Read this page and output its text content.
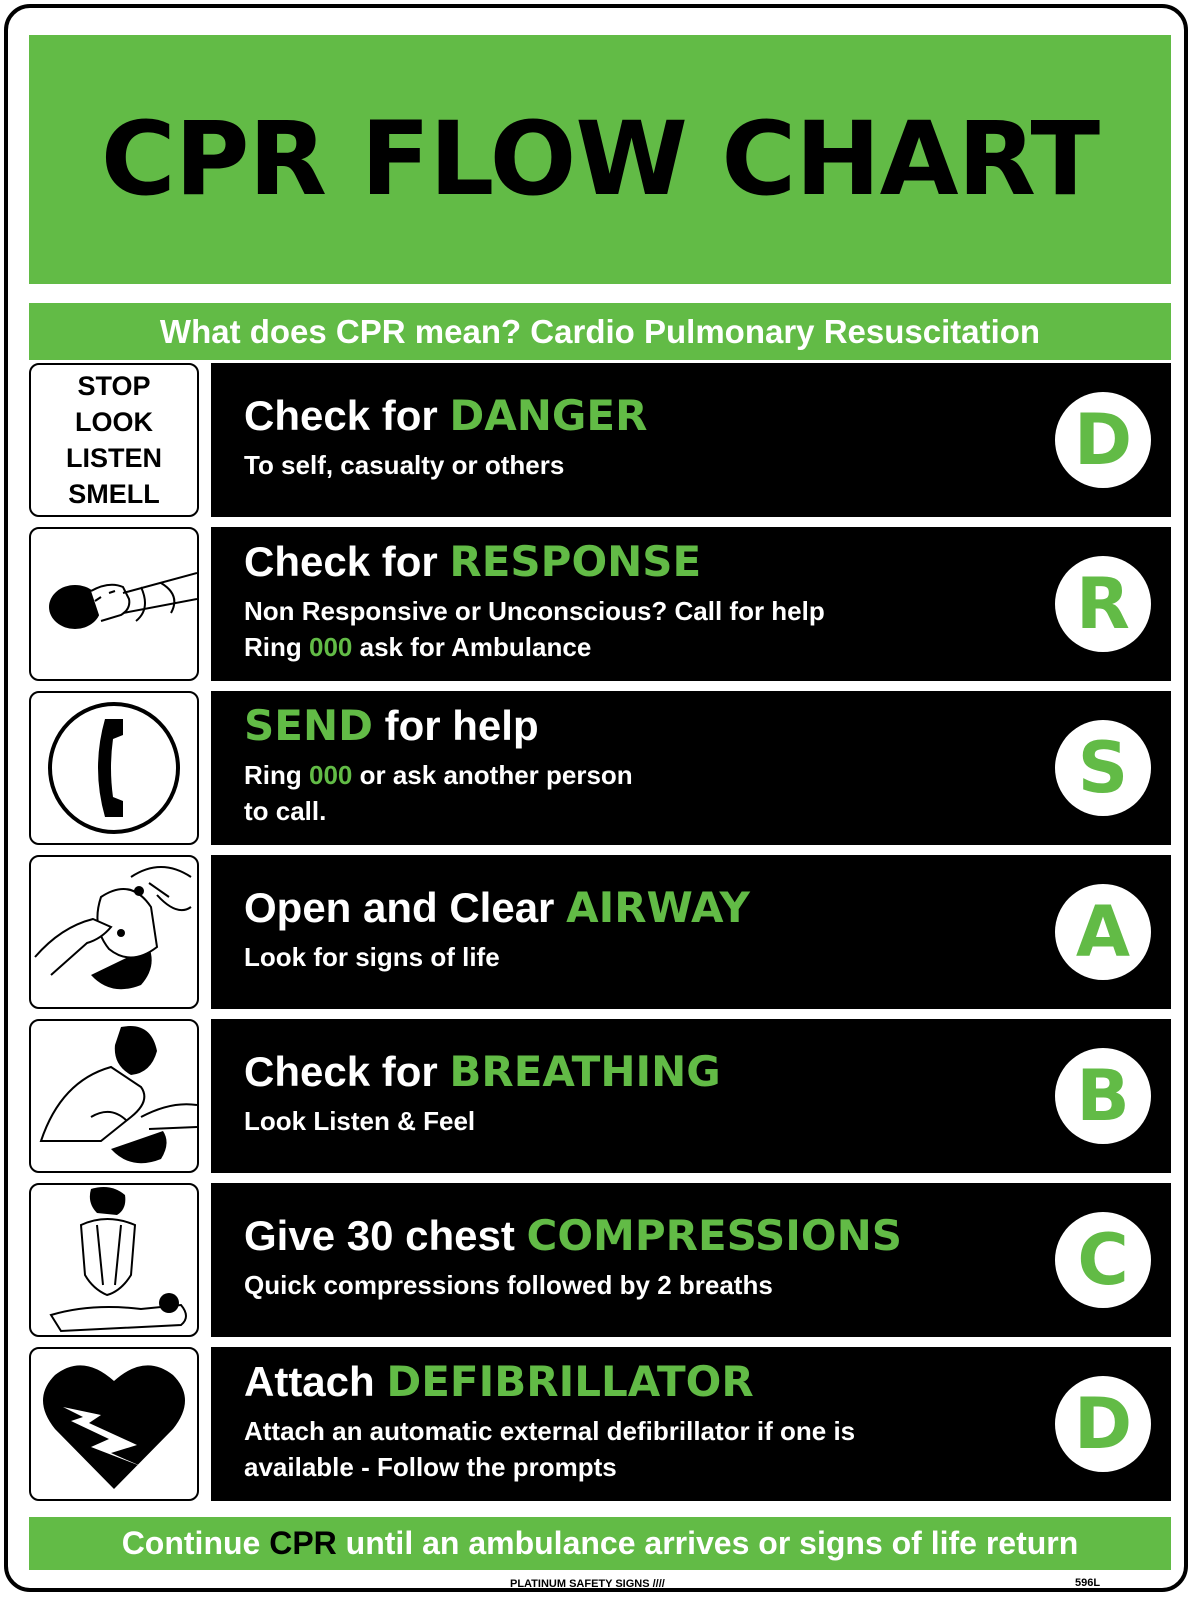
CPR FLOW CHART
What does CPR mean? Cardio Pulmonary Resuscitation
STOP
LOOK
LISTEN
SMELL
Check for DANGER
To self, casualty or others	D
Check for RESPONSE
Non Responsive or Unconscious? Call for help
Ring 000 ask for Ambulance
R
SEND for help
Ring 000 or ask another person
to call.
S
Open and Clear AIRWAY
Look for signs of life	A
Check for BREATHING
Look Listen & Feel	B
Give 30 chest COMPRESSIONS
Quick compressions followed by 2 breaths	C
Attach DEFIBRILLATOR
Attach an automatic external defibrillator if one is
available - Follow the prompts
D
Continue
CPR
until an ambulance arrives or signs of life return
PLATINUM SAFETY SIGNS ////	596L
